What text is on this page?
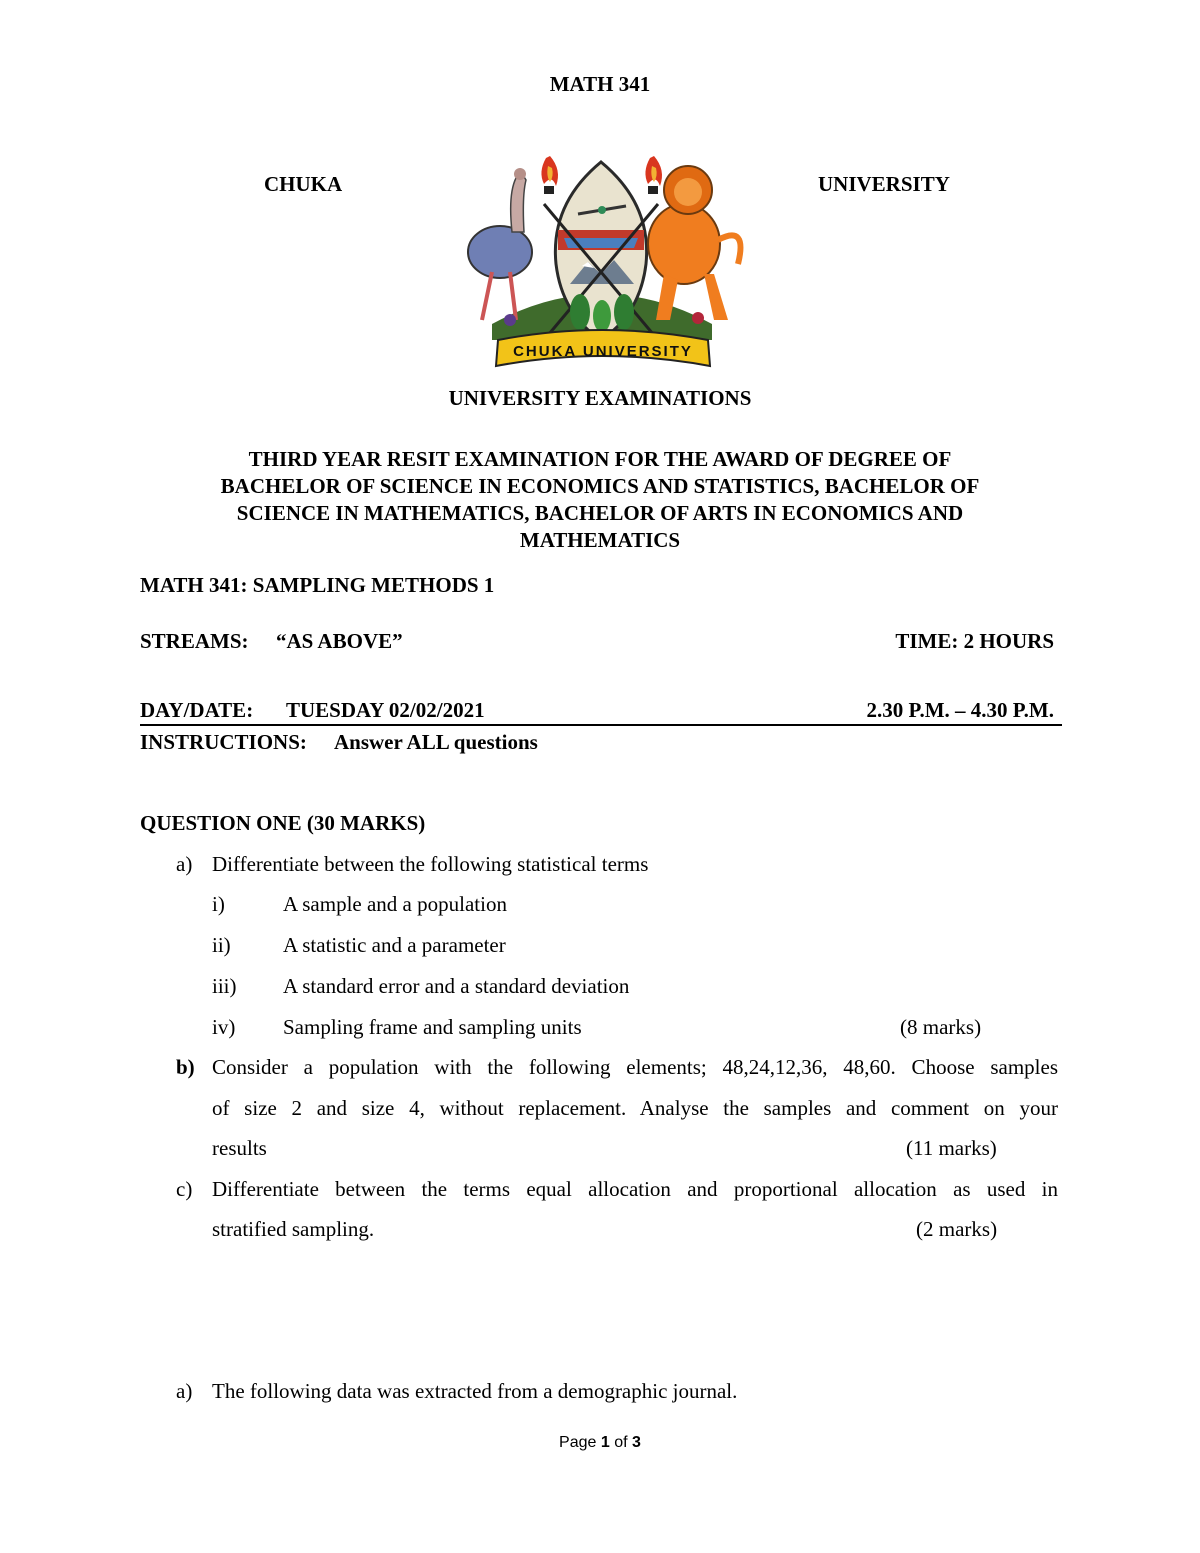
MATH 341
CHUKA	UNIVERSITY
CHUKA UNIVERSITY
UNIVERSITY EXAMINATIONS
THIRD YEAR RESIT EXAMINATION FOR THE AWARD OF DEGREE OF
BACHELOR OF SCIENCE IN ECONOMICS AND STATISTICS, BACHELOR OF
SCIENCE IN MATHEMATICS, BACHELOR OF ARTS IN ECONOMICS AND
MATHEMATICS
MATH 341: SAMPLING METHODS 1
STREAMS: “AS ABOVE”	TIME: 2 HOURS
DAY/DATE: TUESDAY 02/02/2021	2.30 P.M. – 4.30 P.M.
INSTRUCTIONS: Answer ALL questions
QUESTION ONE (30 MARKS)
a) Differentiate between the following statistical terms
i)	A sample and a population
ii) A statistic and a parameter
iii) A standard error and a standard deviation
iv) Sampling frame and sampling units	(8 marks)
b) Consider a population with the following elements; 48,24,12,36, 48,60. Choose samples
of size 2 and size 4, without replacement. Analyse the samples and comment on your
results	(11 marks)
c) Differentiate between the terms equal allocation and proportional allocation as used in
stratified sampling.	(2 marks)
a) The following data was extracted from a demographic journal.
Page 1 of 3
